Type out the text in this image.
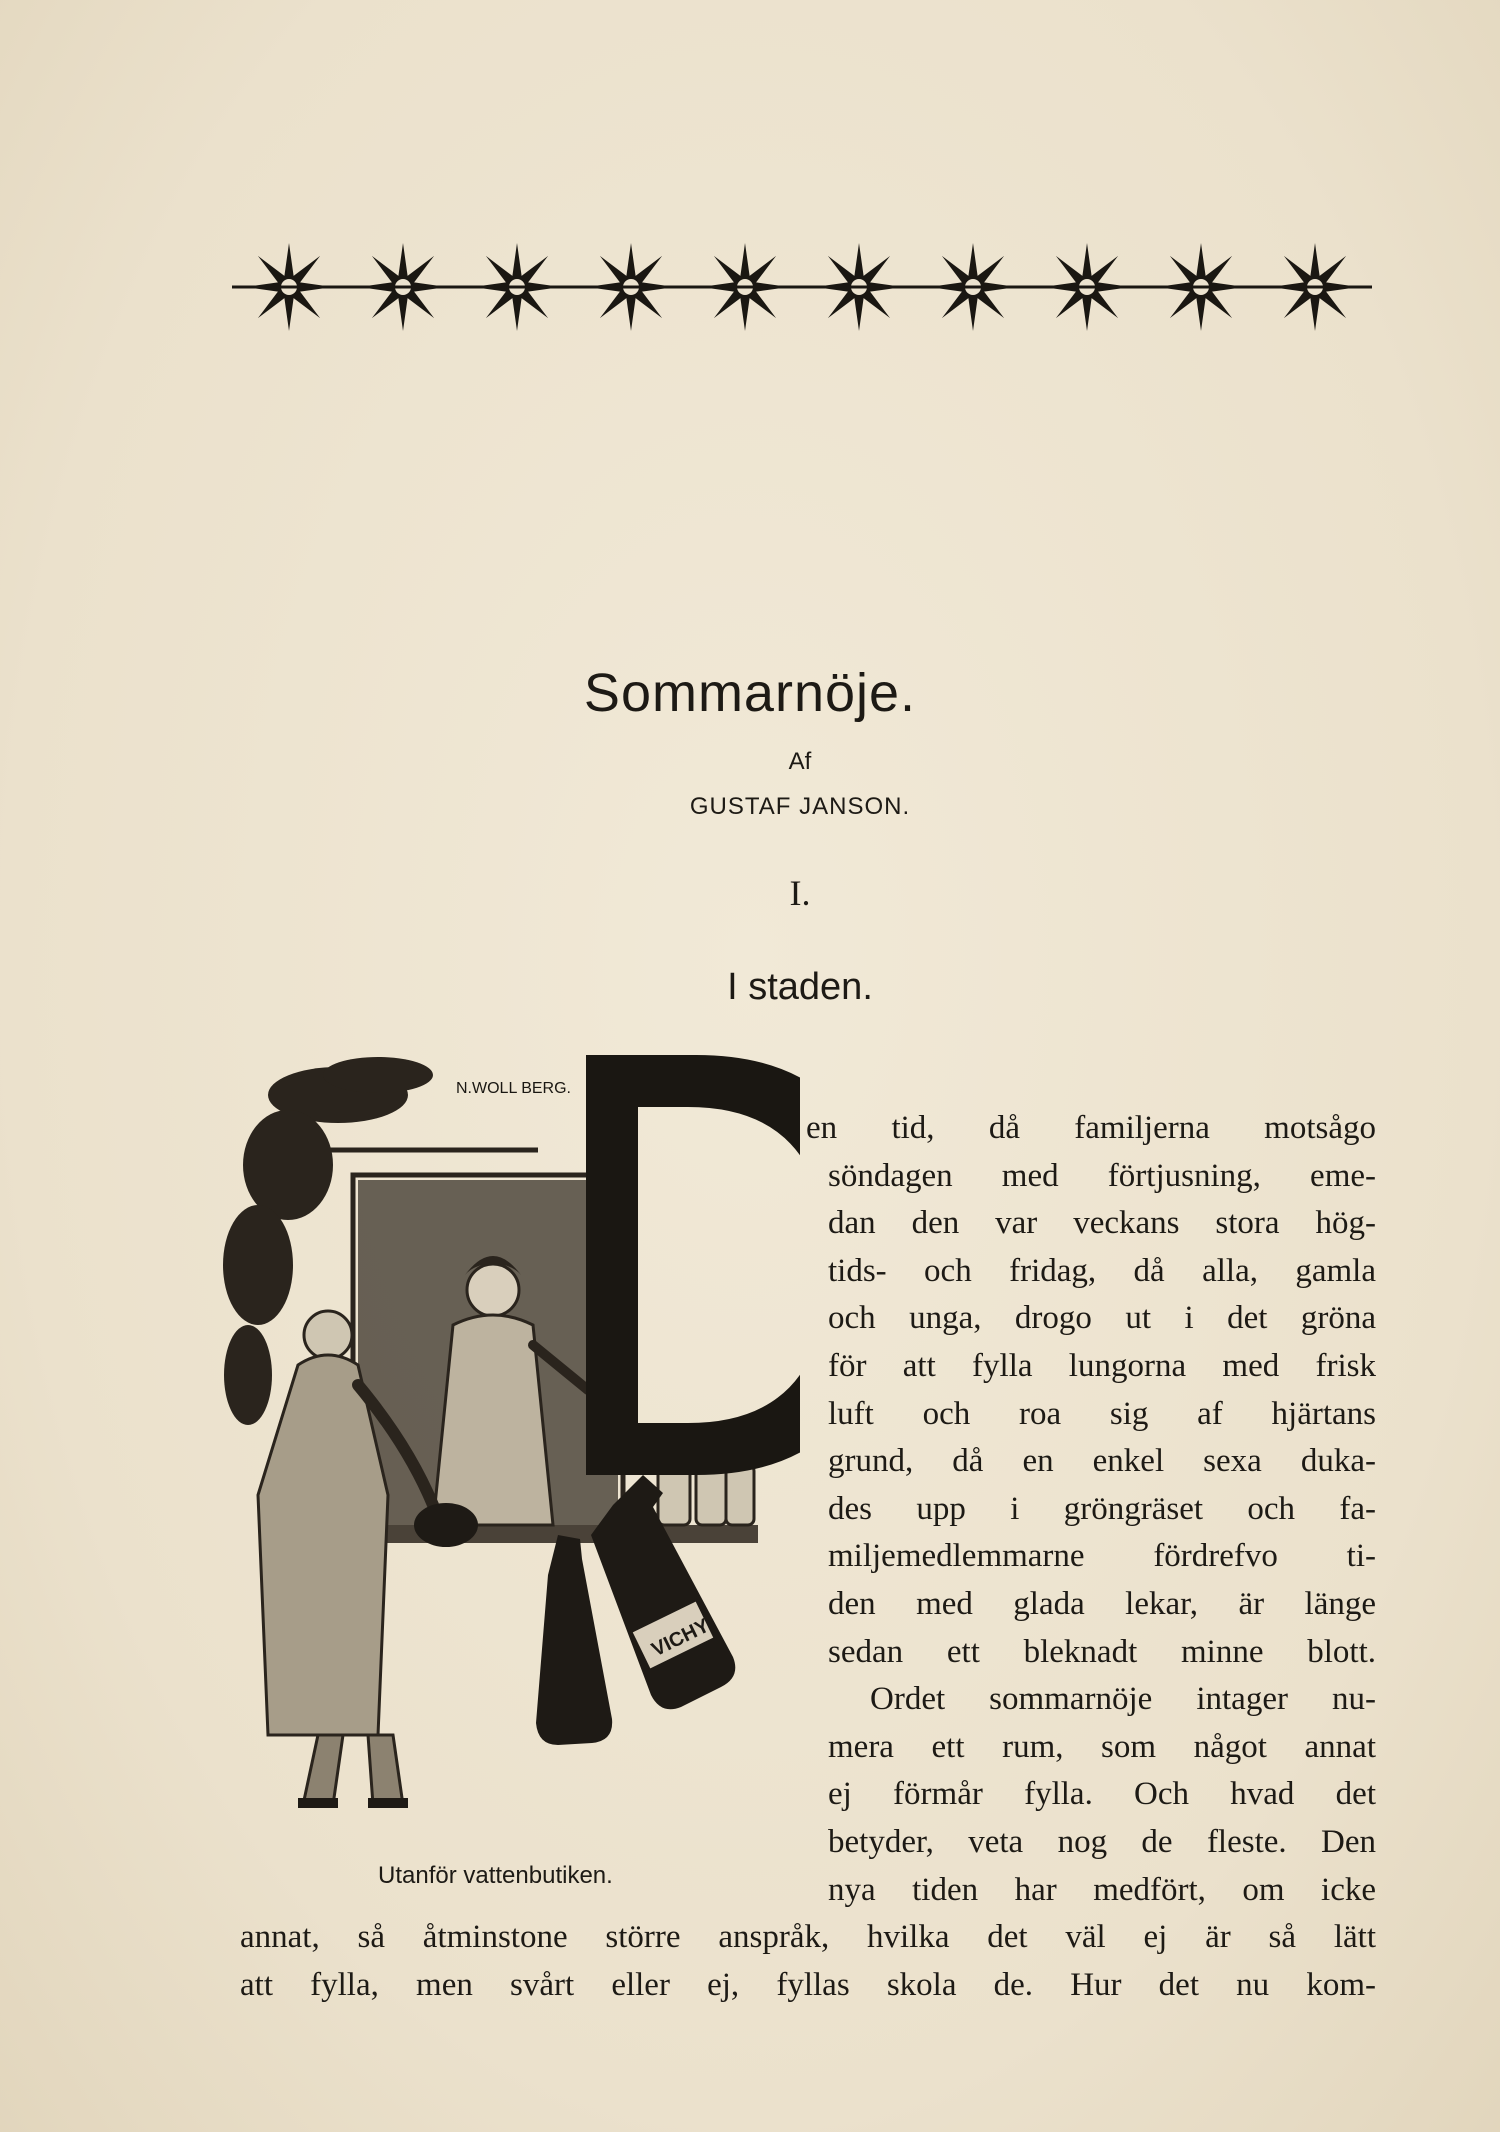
Sommarnöje.
Af
GUSTAF JANSON.
I.
I staden.
VICHY
N.WOLL BERG.
Utanför vattenbutiken.
en tid, då familjerna motsågo
söndagen med förtjusning, eme-
dan den var veckans stora hög-
tids- och fridag, då alla, gamla
och unga, drogo ut i det gröna
för att fylla lungorna med frisk
luft och roa sig af hjärtans
grund, då en enkel sexa duka-
des upp i gröngräset och fa-
miljemedlemmarne fördrefvo ti-
den med glada lekar, är länge
sedan ett bleknadt minne blott.
Ordet sommarnöje intager nu-
mera ett rum, som något annat
ej förmår fylla. Och hvad det
betyder, veta nog de fleste. Den
nya tiden har medfört, om icke
annat, så åtminstone större anspråk, hvilka det väl ej är så lätt
att fylla, men svårt eller ej, fyllas skola de. Hur det nu kom-
